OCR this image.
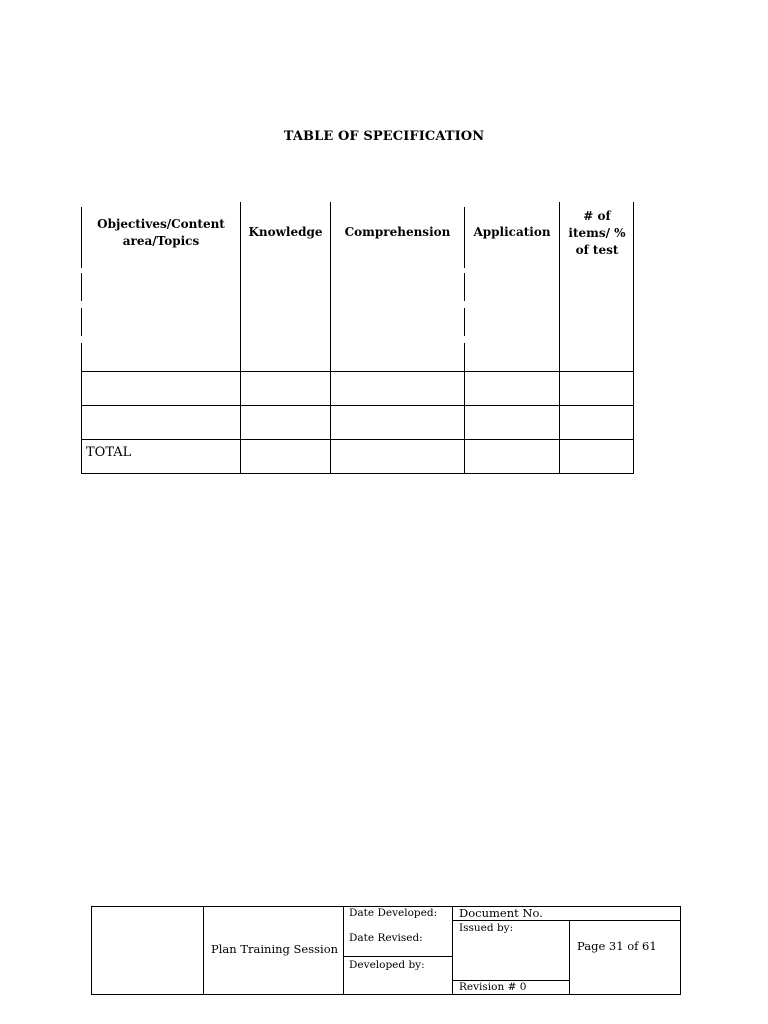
TABLE OF SPECIFICATION
Objectives/Content area/Topics
Knowledge	Comprehension	Application
# of items/ % of test
TOTAL
Plan Training Session
Date Developed:
Date Revised:
Developed by:
Document No.
Issued by:
Page 31 of 61
Revision # 0
